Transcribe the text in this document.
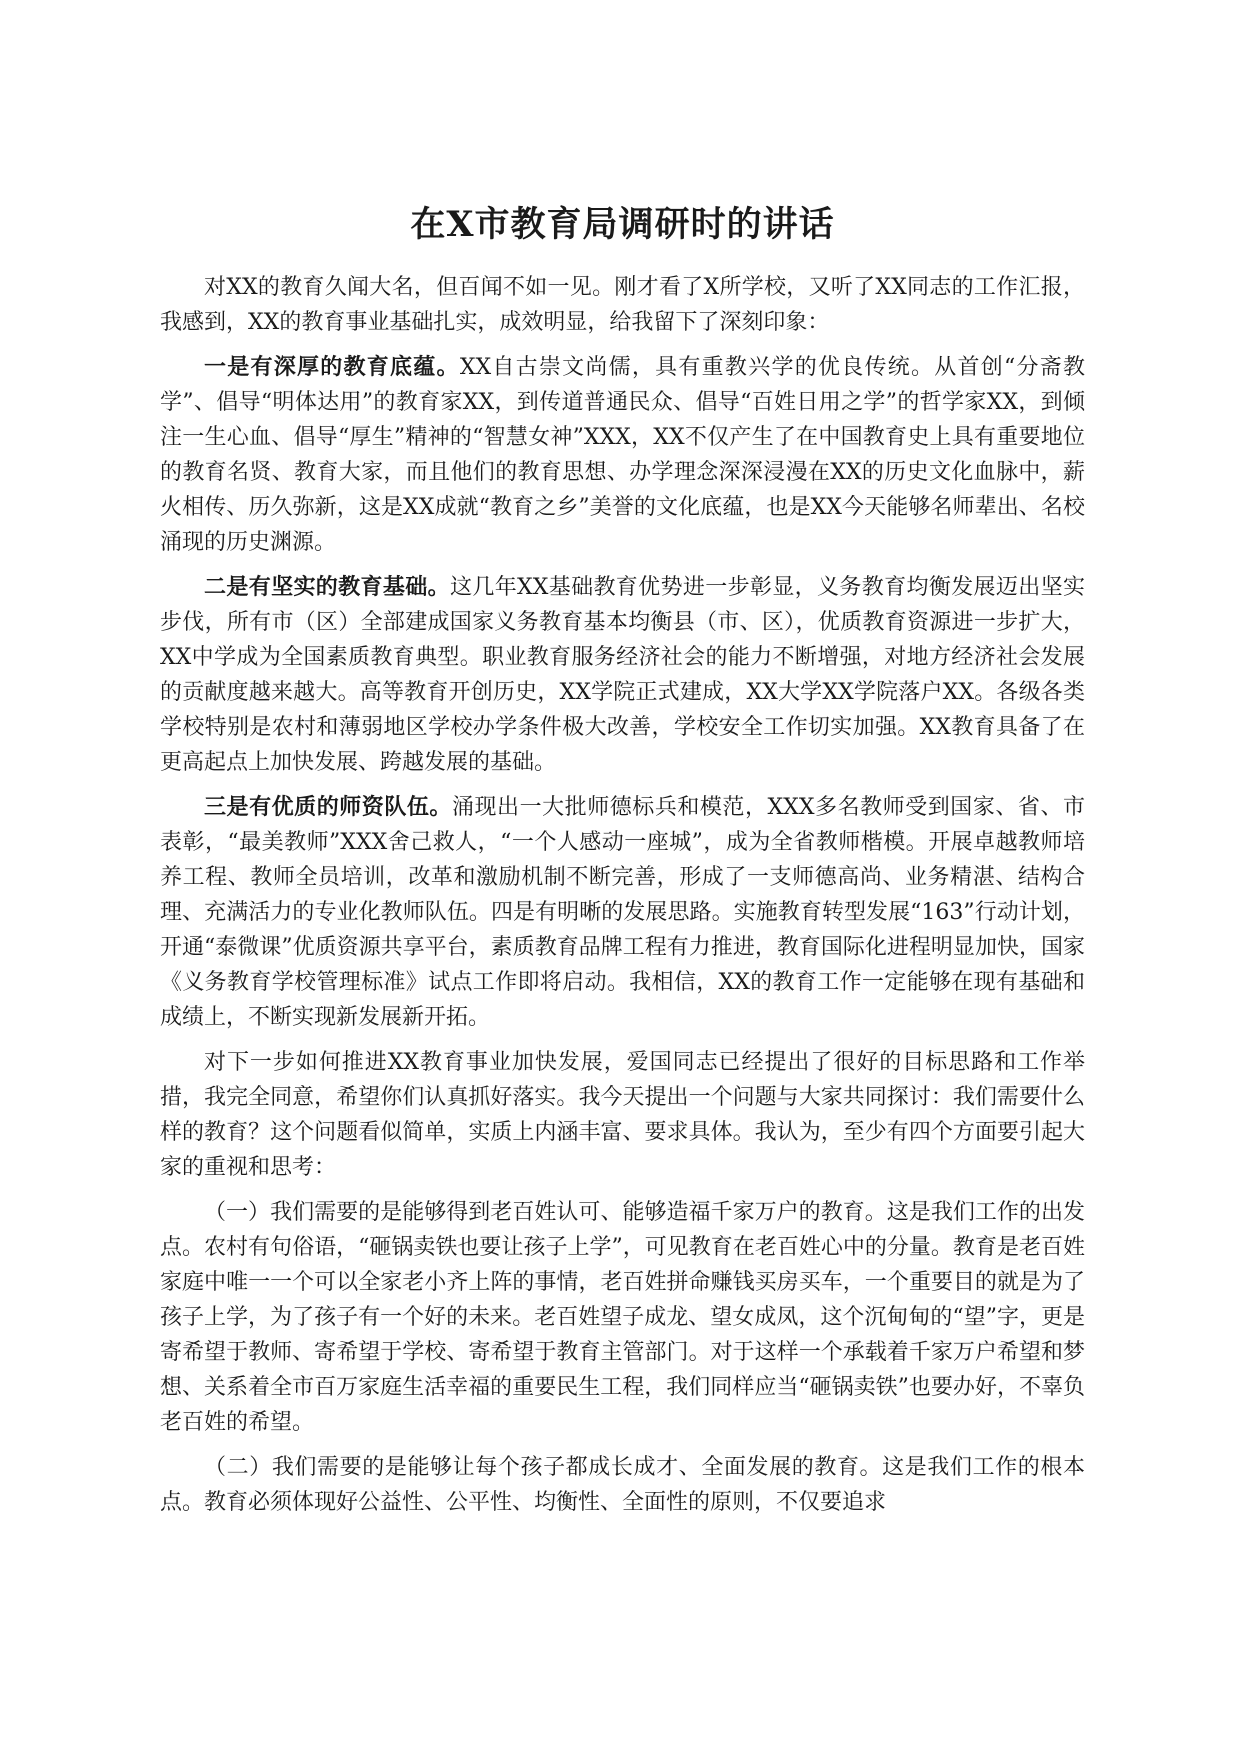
在X市教育局调研时的讲话

对XX的教育久闻大名，但百闻不如一见。刚才看了X所学校，又听了XX同志的工作汇报，我感到，XX的教育事业基础扎实，成效明显，给我留下了深刻印象：

一是有深厚的教育底蕴。XX自古崇文尚儒，具有重教兴学的优良传统。从首创“分斋教学”、倡导“明体达用”的教育家XX，到传道普通民众、倡导“百姓日用之学”的哲学家XX，到倾注一生心血、倡导“厚生”精神的“智慧女神”XXX，XX不仅产生了在中国教育史上具有重要地位的教育名贤、教育大家，而且他们的教育思想、办学理念深深浸漫在XX的历史文化血脉中，薪火相传、历久弥新，这是XX成就“教育之乡”美誉的文化底蕴，也是XX今天能够名师辈出、名校涌现的历史渊源。

二是有坚实的教育基础。这几年XX基础教育优势进一步彰显，义务教育均衡发展迈出坚实步伐，所有市（区）全部建成国家义务教育基本均衡县（市、区），优质教育资源进一步扩大，XX中学成为全国素质教育典型。职业教育服务经济社会的能力不断增强，对地方经济社会发展的贡献度越来越大。高等教育开创历史，XX学院正式建成，XX大学XX学院落户XX。各级各类学校特别是农村和薄弱地区学校办学条件极大改善，学校安全工作切实加强。XX教育具备了在更高起点上加快发展、跨越发展的基础。

三是有优质的师资队伍。涌现出一大批师德标兵和模范，XXX多名教师受到国家、省、市表彰，“最美教师”XXX舍己救人，“一个人感动一座城”，成为全省教师楷模。开展卓越教师培养工程、教师全员培训，改革和激励机制不断完善，形成了一支师德高尚、业务精湛、结构合理、充满活力的专业化教师队伍。四是有明晰的发展思路。实施教育转型发展“163”行动计划，开通“泰微课”优质资源共享平台，素质教育品牌工程有力推进，教育国际化进程明显加快，国家《义务教育学校管理标准》试点工作即将启动。我相信，XX的教育工作一定能够在现有基础和成绩上，不断实现新发展新开拓。

对下一步如何推进XX教育事业加快发展，爱国同志已经提出了很好的目标思路和工作举措，我完全同意，希望你们认真抓好落实。我今天提出一个问题与大家共同探讨：我们需要什么样的教育？这个问题看似简单，实质上内涵丰富、要求具体。我认为，至少有四个方面要引起大家的重视和思考：

（一）我们需要的是能够得到老百姓认可、能够造福千家万户的教育。这是我们工作的出发点。农村有句俗语，“砸锅卖铁也要让孩子上学”，可见教育在老百姓心中的分量。教育是老百姓家庭中唯一一个可以全家老小齐上阵的事情，老百姓拼命赚钱买房买车，一个重要目的就是为了孩子上学，为了孩子有一个好的未来。老百姓望子成龙、望女成凤，这个沉甸甸的“望”字，更是寄希望于教师、寄希望于学校、寄希望于教育主管部门。对于这样一个承载着千家万户希望和梦想、关系着全市百万家庭生活幸福的重要民生工程，我们同样应当“砸锅卖铁”也要办好，不辜负老百姓的希望。

（二）我们需要的是能够让每个孩子都成长成才、全面发展的教育。这是我们工作的根本点。教育必须体现好公益性、公平性、均衡性、全面性的原则，不仅要追求
